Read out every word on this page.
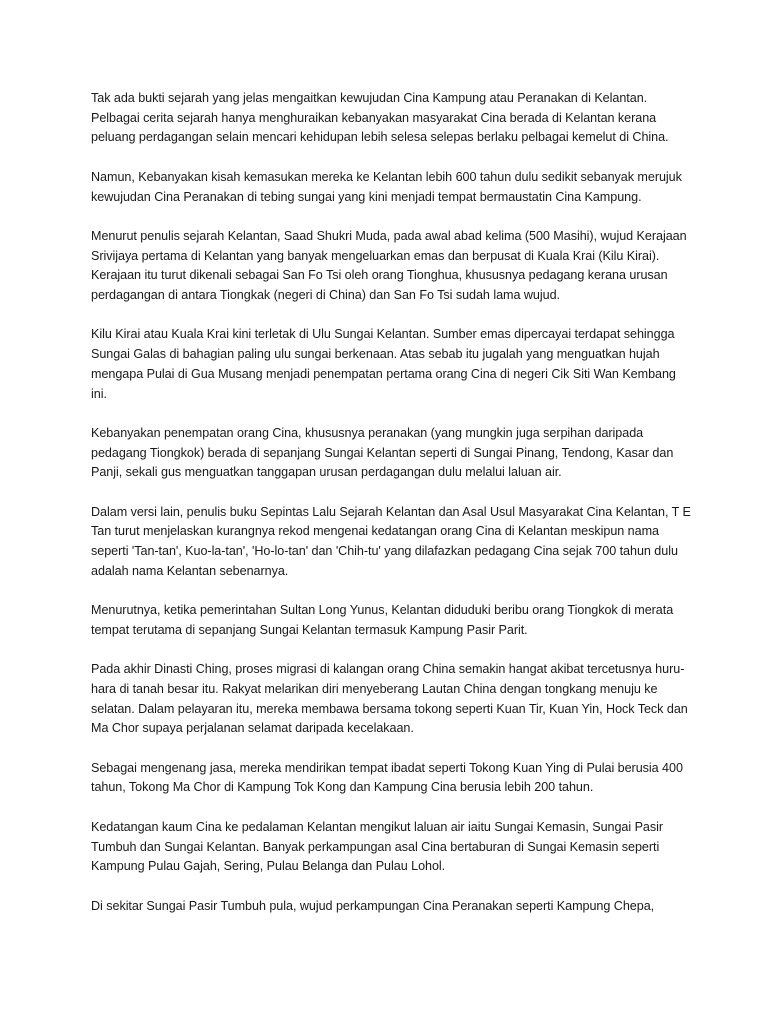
Tak ada bukti sejarah yang jelas mengaitkan kewujudan Cina Kampung atau Peranakan di Kelantan. Pelbagai cerita sejarah hanya menghuraikan kebanyakan masyarakat Cina berada di Kelantan kerana peluang perdagangan selain mencari kehidupan lebih selesa selepas berlaku pelbagai kemelut di China.

Namun, Kebanyakan kisah kemasukan mereka ke Kelantan lebih 600 tahun dulu sedikit sebanyak merujuk kewujudan Cina Peranakan di tebing sungai yang kini menjadi tempat bermaustatin Cina Kampung.

Menurut penulis sejarah Kelantan, Saad Shukri Muda, pada awal abad kelima (500 Masihi), wujud Kerajaan Srivijaya pertama di Kelantan yang banyak mengeluarkan emas dan berpusat di Kuala Krai (Kilu Kirai). Kerajaan itu turut dikenali sebagai San Fo Tsi oleh orang Tionghua, khususnya pedagang kerana urusan perdagangan di antara Tiongkak (negeri di China) dan San Fo Tsi sudah lama wujud.

Kilu Kirai atau Kuala Krai kini terletak di Ulu Sungai Kelantan. Sumber emas dipercayai terdapat sehingga Sungai Galas di bahagian paling ulu sungai berkenaan. Atas sebab itu jugalah yang menguatkan hujah mengapa Pulai di Gua Musang menjadi penempatan pertama orang Cina di negeri Cik Siti Wan Kembang ini.

Kebanyakan penempatan orang Cina, khususnya peranakan (yang mungkin juga serpihan daripada pedagang Tiongkok) berada di sepanjang Sungai Kelantan seperti di Sungai Pinang, Tendong, Kasar dan Panji, sekali gus menguatkan tanggapan urusan perdagangan dulu melalui laluan air.

Dalam versi lain, penulis buku Sepintas Lalu Sejarah Kelantan dan Asal Usul Masyarakat Cina Kelantan, T E Tan turut menjelaskan kurangnya rekod mengenai kedatangan orang Cina di Kelantan meskipun nama seperti 'Tan-tan', Kuo-la-tan', 'Ho-lo-tan' dan 'Chih-tu' yang dilafazkan pedagang Cina sejak 700 tahun dulu adalah nama Kelantan sebenarnya.

Menurutnya, ketika pemerintahan Sultan Long Yunus, Kelantan diduduki beribu orang Tiongkok di merata tempat terutama di sepanjang Sungai Kelantan termasuk Kampung Pasir Parit.

Pada akhir Dinasti Ching, proses migrasi di kalangan orang China semakin hangat akibat tercetusnya huru-hara di tanah besar itu. Rakyat melarikan diri menyeberang Lautan China dengan tongkang menuju ke selatan. Dalam pelayaran itu, mereka membawa bersama tokong seperti Kuan Tir, Kuan Yin, Hock Teck dan Ma Chor supaya perjalanan selamat daripada kecelakaan.

Sebagai mengenang jasa, mereka mendirikan tempat ibadat seperti Tokong Kuan Ying di Pulai berusia 400 tahun, Tokong Ma Chor di Kampung Tok Kong dan Kampung Cina berusia lebih 200 tahun.

Kedatangan kaum Cina ke pedalaman Kelantan mengikut laluan air iaitu Sungai Kemasin, Sungai Pasir Tumbuh dan Sungai Kelantan. Banyak perkampungan asal Cina bertaburan di Sungai Kemasin seperti Kampung Pulau Gajah, Sering, Pulau Belanga dan Pulau Lohol.

Di sekitar Sungai Pasir Tumbuh pula, wujud perkampungan Cina Peranakan seperti Kampung Chepa,
